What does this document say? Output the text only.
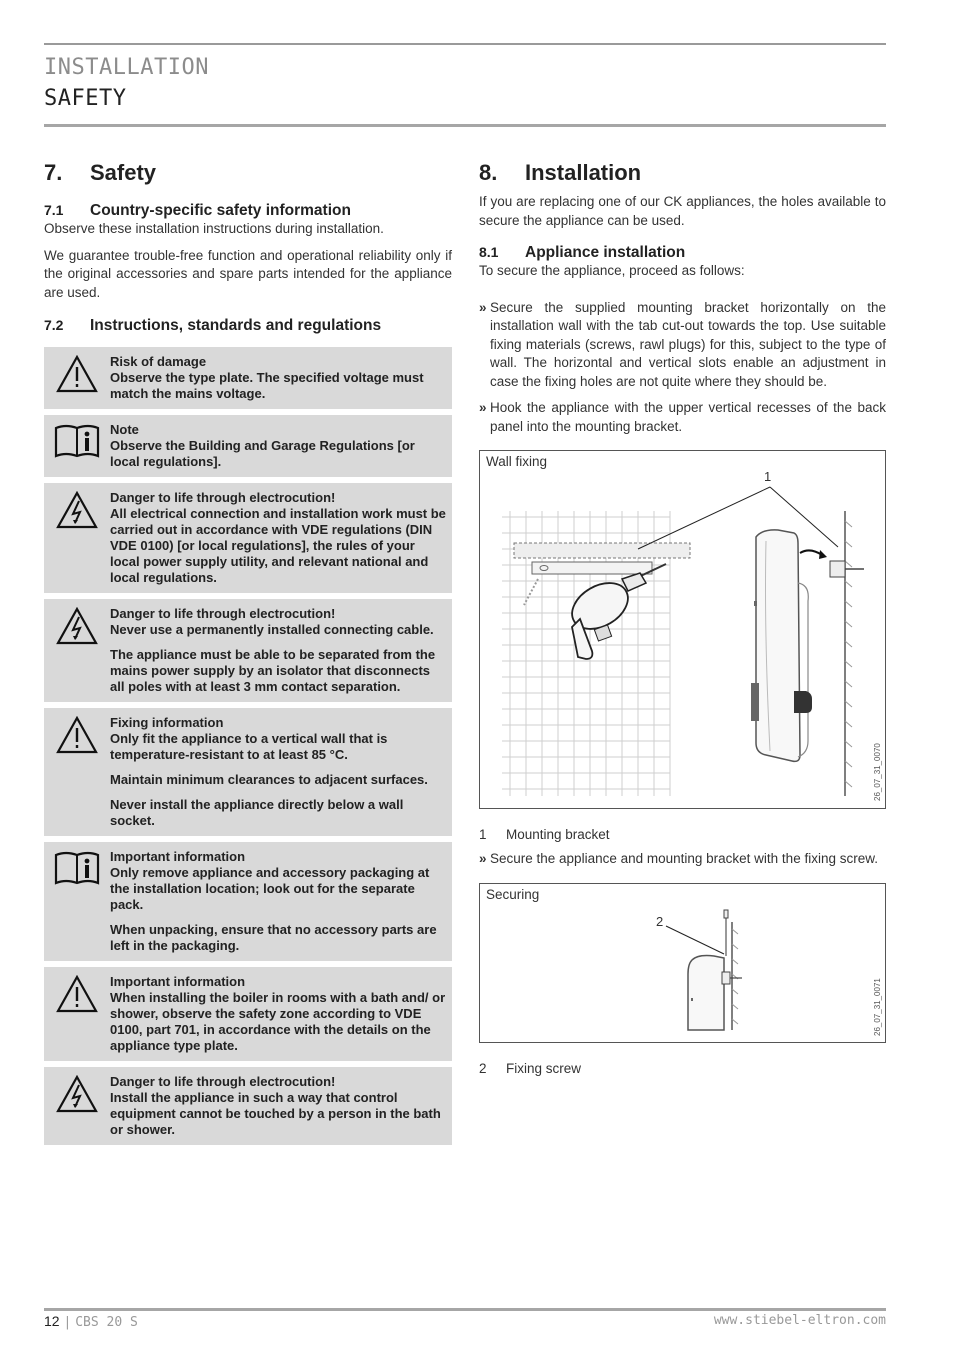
INSTALLATION
SAFETY
7.	Safety
7.1	Country-specific safety information

Observe these installation instructions during installation.

We guarantee trouble-free function and operational reliability only if the original accessories and spare parts intended for the appliance are used.

7.2	Instructions, standards and regulations
Risk of damage
Observe the type plate. The specified voltage must match the mains voltage.
Note
Observe the Building and Garage Regulations [or local regulations].
Danger to life through electrocution!
All electrical connection and installation work must be carried out in accordance with VDE regulations (DIN VDE 0100) [or local regulations], the rules of your local power supply utility, and relevant national and local regulations.
Danger to life through electrocution!
Never use a permanently installed connecting cable.
The appliance must be able to be separated from the mains power supply by an isolator that disconnects all poles with at least 3 mm contact separation.
Fixing information
Only fit the appliance to a vertical wall that is temperature-resistant to at least 85 °C.
Maintain minimum clearances to adjacent surfaces.
Never install the appliance directly below a wall socket.
Important information
Only remove appliance and accessory packaging at the installation location; look out for the separate pack.
When unpacking, ensure that no accessory parts are left in the packaging.
Important information
When installing the boiler in rooms with a bath and/ or shower, observe the safety zone according to VDE 0100, part 701, in accordance with the details on the appliance type plate.
Danger to life through electrocution!
Install the appliance in such a way that control equipment cannot be touched by a person in the bath or shower.
8.	Installation

If you are replacing one of our CK appliances, the holes available to secure the appliance can be used.

8.1	Appliance installation

To secure the appliance, proceed as follows:

» Secure the supplied mounting bracket horizontally on the installation wall with the tab cut-out towards the top. Use suitable fixing materials (screws, rawl plugs) for this, subject to the type of wall. The horizontal and vertical slots enable an adjustment in case the fixing holes are not quite where they should be.
» Hook the appliance with the upper vertical recesses of the back panel into the mounting bracket.
Wall fixing
1
26_07_31_0070
1	Mounting bracket
» Secure the appliance and mounting bracket with the fixing screw.
Securing
2
26_07_31_0071
2	Fixing screw
12 | CBS 20 S	www.stiebel-eltron.com
